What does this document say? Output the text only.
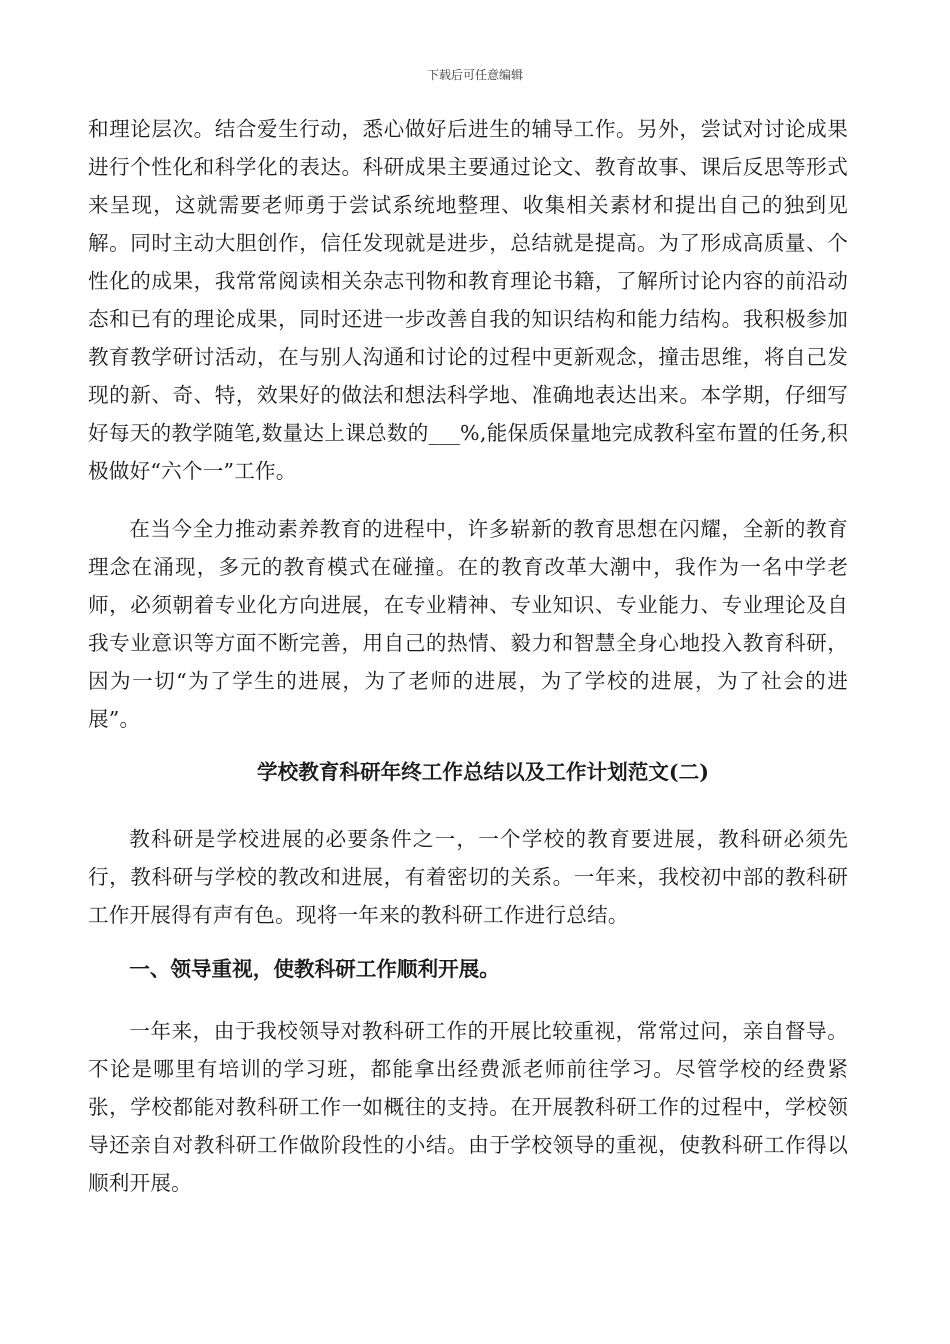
下载后可任意编辑

和理论层次。结合爱生行动，悉心做好后进生的辅导工作。另外，尝试对讨论成果进行个性化和科学化的表达。科研成果主要通过论文、教育故事、课后反思等形式来呈现，这就需要老师勇于尝试系统地整理、收集相关素材和提出自己的独到见解。同时主动大胆创作，信任发现就是进步，总结就是提高。为了形成高质量、个性化的成果，我常常阅读相关杂志刊物和教育理论书籍，了解所讨论内容的前沿动态和已有的理论成果，同时还进一步改善自我的知识结构和能力结构。我积极参加教育教学研讨活动，在与别人沟通和讨论的过程中更新观念，撞击思维，将自己发现的新、奇、特，效果好的做法和想法科学地、准确地表达出来。本学期，仔细写好每天的教学随笔,数量达上课总数的___%,能保质保量地完成教科室布置的任务,积极做好“六个一”工作。

在当今全力推动素养教育的进程中，许多崭新的教育思想在闪耀，全新的教育理念在涌现，多元的教育模式在碰撞。在的教育改革大潮中，我作为一名中学老师，必须朝着专业化方向进展，在专业精神、专业知识、专业能力、专业理论及自我专业意识等方面不断完善，用自己的热情、毅力和智慧全身心地投入教育科研，因为一切“为了学生的进展，为了老师的进展，为了学校的进展，为了社会的进展”。

学校教育科研年终工作总结以及工作计划范文(二)

教科研是学校进展的必要条件之一，一个学校的教育要进展，教科研必须先行，教科研与学校的教改和进展，有着密切的关系。一年来，我校初中部的教科研工作开展得有声有色。现将一年来的教科研工作进行总结。

一、领导重视，使教科研工作顺利开展。

一年来，由于我校领导对教科研工作的开展比较重视，常常过问，亲自督导。不论是哪里有培训的学习班，都能拿出经费派老师前往学习。尽管学校的经费紧张，学校都能对教科研工作一如概往的支持。在开展教科研工作的过程中，学校领导还亲自对教科研工作做阶段性的小结。由于学校领导的重视，使教科研工作得以顺利开展。
